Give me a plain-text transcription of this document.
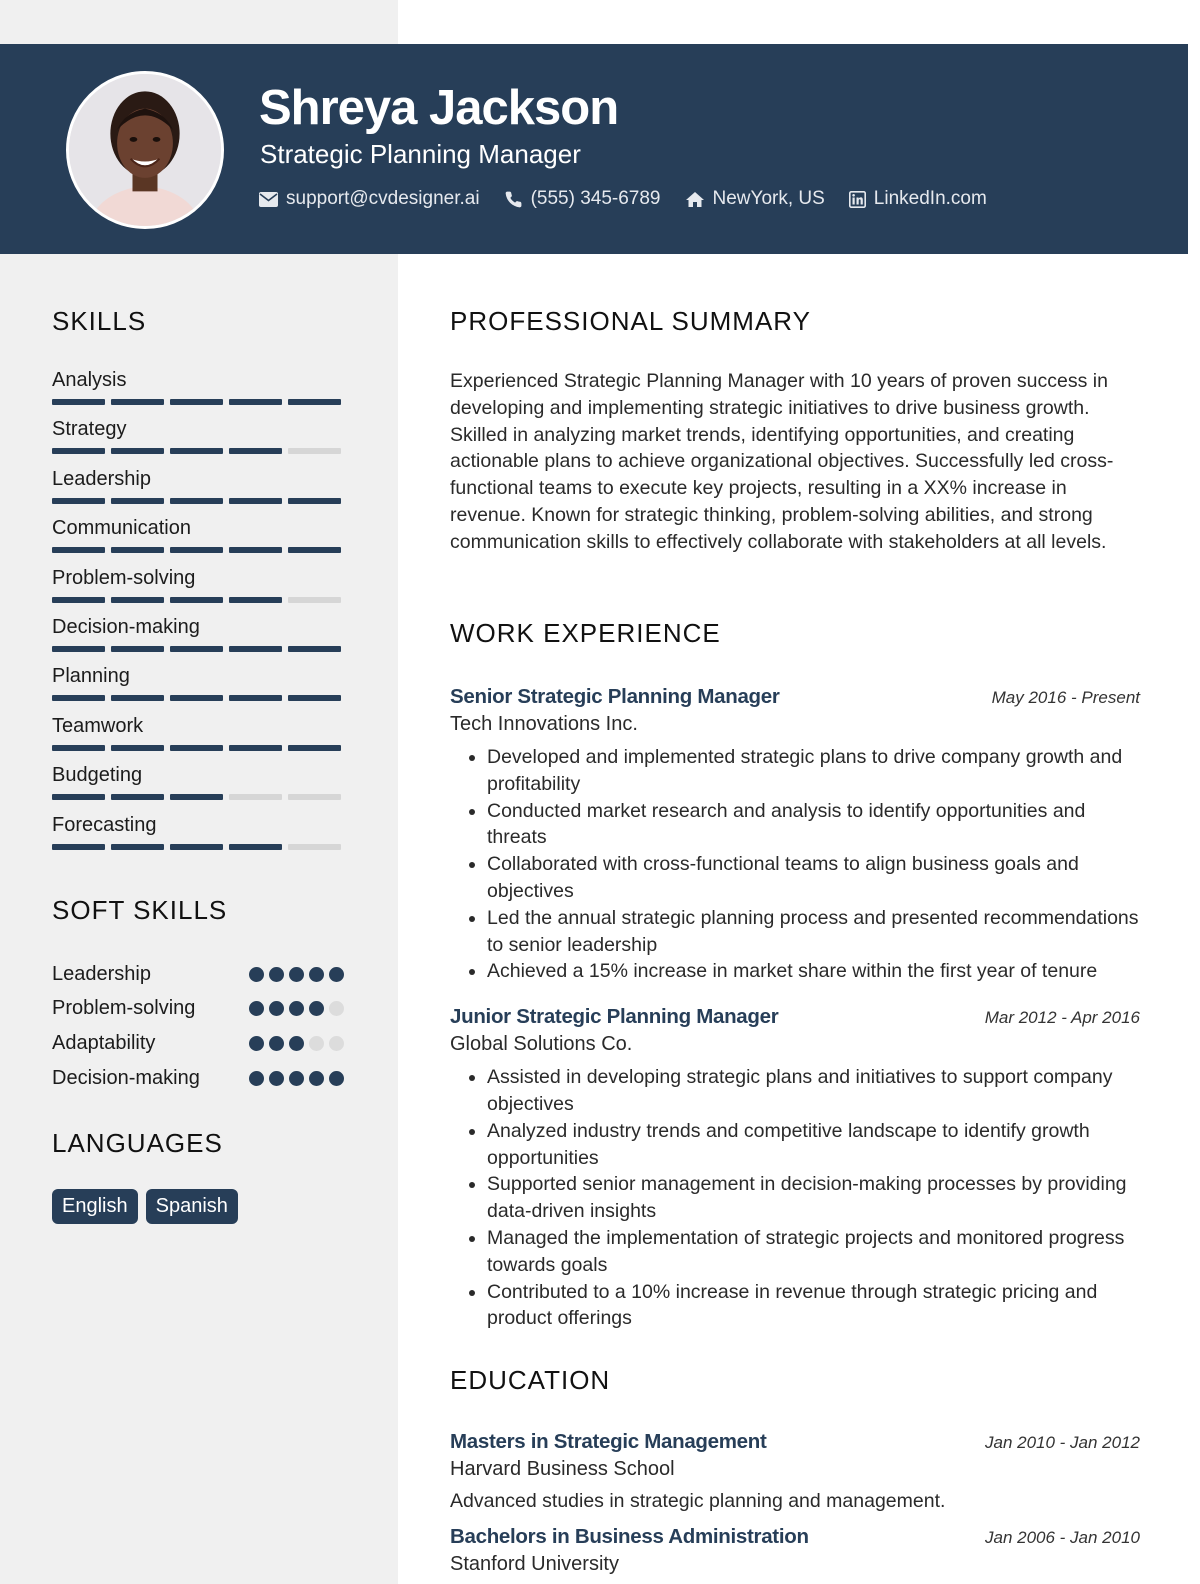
Shreya Jackson
Strategic Planning Manager
support@cvdesigner.ai	(555) 345-6789	NewYork, US	LinkedIn.com
SKILLS
Analysis
Strategy
Leadership
Communication
Problem-solving
Decision-making
Planning
Teamwork
Budgeting
Forecasting
SOFT SKILLS
Leadership
Problem-solving
Adaptability
Decision-making
LANGUAGES
English	Spanish
PROFESSIONAL SUMMARY

Experienced Strategic Planning Manager with 10 years of proven success in developing and implementing strategic initiatives to drive business growth. Skilled in analyzing market trends, identifying opportunities, and creating actionable plans to achieve organizational objectives. Successfully led cross-functional teams to execute key projects, resulting in a XX% increase in revenue. Known for strategic thinking, problem-solving abilities, and strong communication skills to effectively collaborate with stakeholders at all levels.

WORK EXPERIENCE
Senior Strategic Planning Manager	May 2016 - Present
Tech Innovations Inc.
• Developed and implemented strategic plans to drive company growth and profitability
• Conducted market research and analysis to identify opportunities and threats
• Collaborated with cross-functional teams to align business goals and objectives
• Led the annual strategic planning process and presented recommendations to senior leadership
• Achieved a 15% increase in market share within the first year of tenure
Junior Strategic Planning Manager	Mar 2012 - Apr 2016
Global Solutions Co.
• Assisted in developing strategic plans and initiatives to support company objectives
• Analyzed industry trends and competitive landscape to identify growth opportunities
• Supported senior management in decision-making processes by providing data-driven insights
• Managed the implementation of strategic projects and monitored progress towards goals
• Contributed to a 10% increase in revenue through strategic pricing and product offerings
EDUCATION
Masters in Strategic Management	Jan 2010 - Jan 2012
Harvard Business School
Advanced studies in strategic planning and management.
Bachelors in Business Administration	Jan 2006 - Jan 2010
Stanford University
